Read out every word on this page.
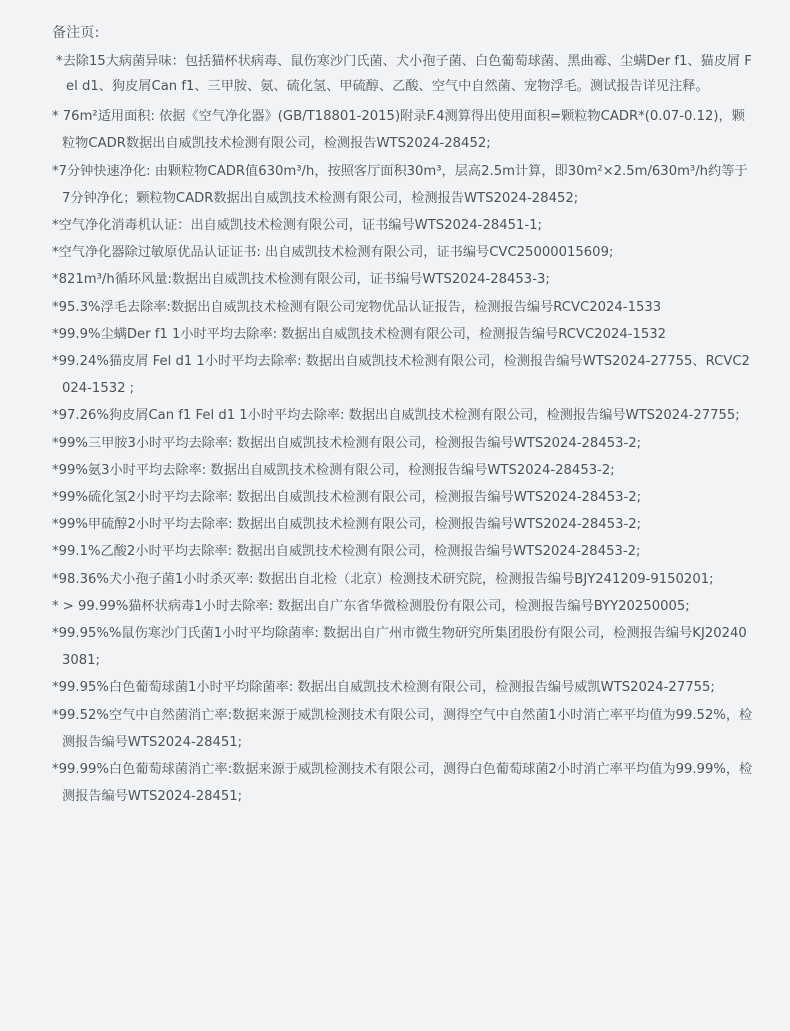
备注页:
*去除15大病菌异味：包括猫杯状病毒、鼠伤寒沙门氏菌、犬小孢子菌、白色葡萄球菌、黑曲霉、尘螨Der f1、猫皮屑 Fel d1、狗皮屑Can f1、三甲胺、氨、硫化氢、甲硫醇、乙酸、空气中自然菌、宠物浮毛。测试报告详见注释。
* 76m²适用面积: 依据《空气净化器》(GB/T18801-2015)附录F.4测算得出使用面积=颗粒物CADR*(0.07-0.12)，颗粒物CADR数据出自威凯技术检测有限公司，检测报告WTS2024-28452;
*7分钟快速净化: 由颗粒物CADR值630m³/h，按照客厅面积30m³，层高2.5m计算，即30m²×2.5m/630m³/h约等于7分钟净化；颗粒物CADR数据出自威凯技术检测有限公司，检测报告WTS2024-28452;
*空气净化消毒机认证：出自威凯技术检测有限公司，证书编号WTS2024-28451-1;
*空气净化器除过敏原优品认证证书: 出自威凯技术检测有限公司，证书编号CVC25000015609;
*821m³/h循环风量:数据出自威凯技术检测有限公司，证书编号WTS2024-28453-3;
*95.3%浮毛去除率:数据出自威凯技术检测有限公司宠物优品认证报告，检测报告编号RCVC2024-1533
*99.9%尘螨Der f1 1小时平均去除率: 数据出自威凯技术检测有限公司，检测报告编号RCVC2024-1532
*99.24%猫皮屑 Fel d1 1小时平均去除率: 数据出自威凯技术检测有限公司，检测报告编号WTS2024-27755、RCVC2024-1532 ;
*97.26%狗皮屑Can f1 Fel d1 1小时平均去除率: 数据出自威凯技术检测有限公司，检测报告编号WTS2024-27755;
*99%三甲胺3小时平均去除率: 数据出自威凯技术检测有限公司，检测报告编号WTS2024-28453-2;
*99%氨3小时平均去除率: 数据出自威凯技术检测有限公司，检测报告编号WTS2024-28453-2;
*99%硫化氢2小时平均去除率: 数据出自威凯技术检测有限公司，检测报告编号WTS2024-28453-2;
*99%甲硫醇2小时平均去除率: 数据出自威凯技术检测有限公司，检测报告编号WTS2024-28453-2;
*99.1%乙酸2小时平均去除率: 数据出自威凯技术检测有限公司，检测报告编号WTS2024-28453-2;
*98.36%犬小孢子菌1小时杀灭率: 数据出自北检（北京）检测技术研究院，检测报告编号BJY241209-9150201;
* > 99.99%猫杯状病毒1小时去除率: 数据出自广东省华微检测股份有限公司，检测报告编号BYY20250005;
*99.95%%鼠伤寒沙门氏菌1小时平均除菌率: 数据出自广州市微生物研究所集团股份有限公司，检测报告编号KJ202403081;
*99.95%白色葡萄球菌1小时平均除菌率: 数据出自威凯技术检测有限公司，检测报告编号威凯WTS2024-27755;
*99.52%空气中自然菌消亡率:数据来源于威凯检测技术有限公司，测得空气中自然菌1小时消亡率平均值为99.52%，检测报告编号WTS2024-28451;
*99.99%白色葡萄球菌消亡率:数据来源于威凯检测技术有限公司，测得白色葡萄球菌2小时消亡率平均值为99.99%，检测报告编号WTS2024-28451;
